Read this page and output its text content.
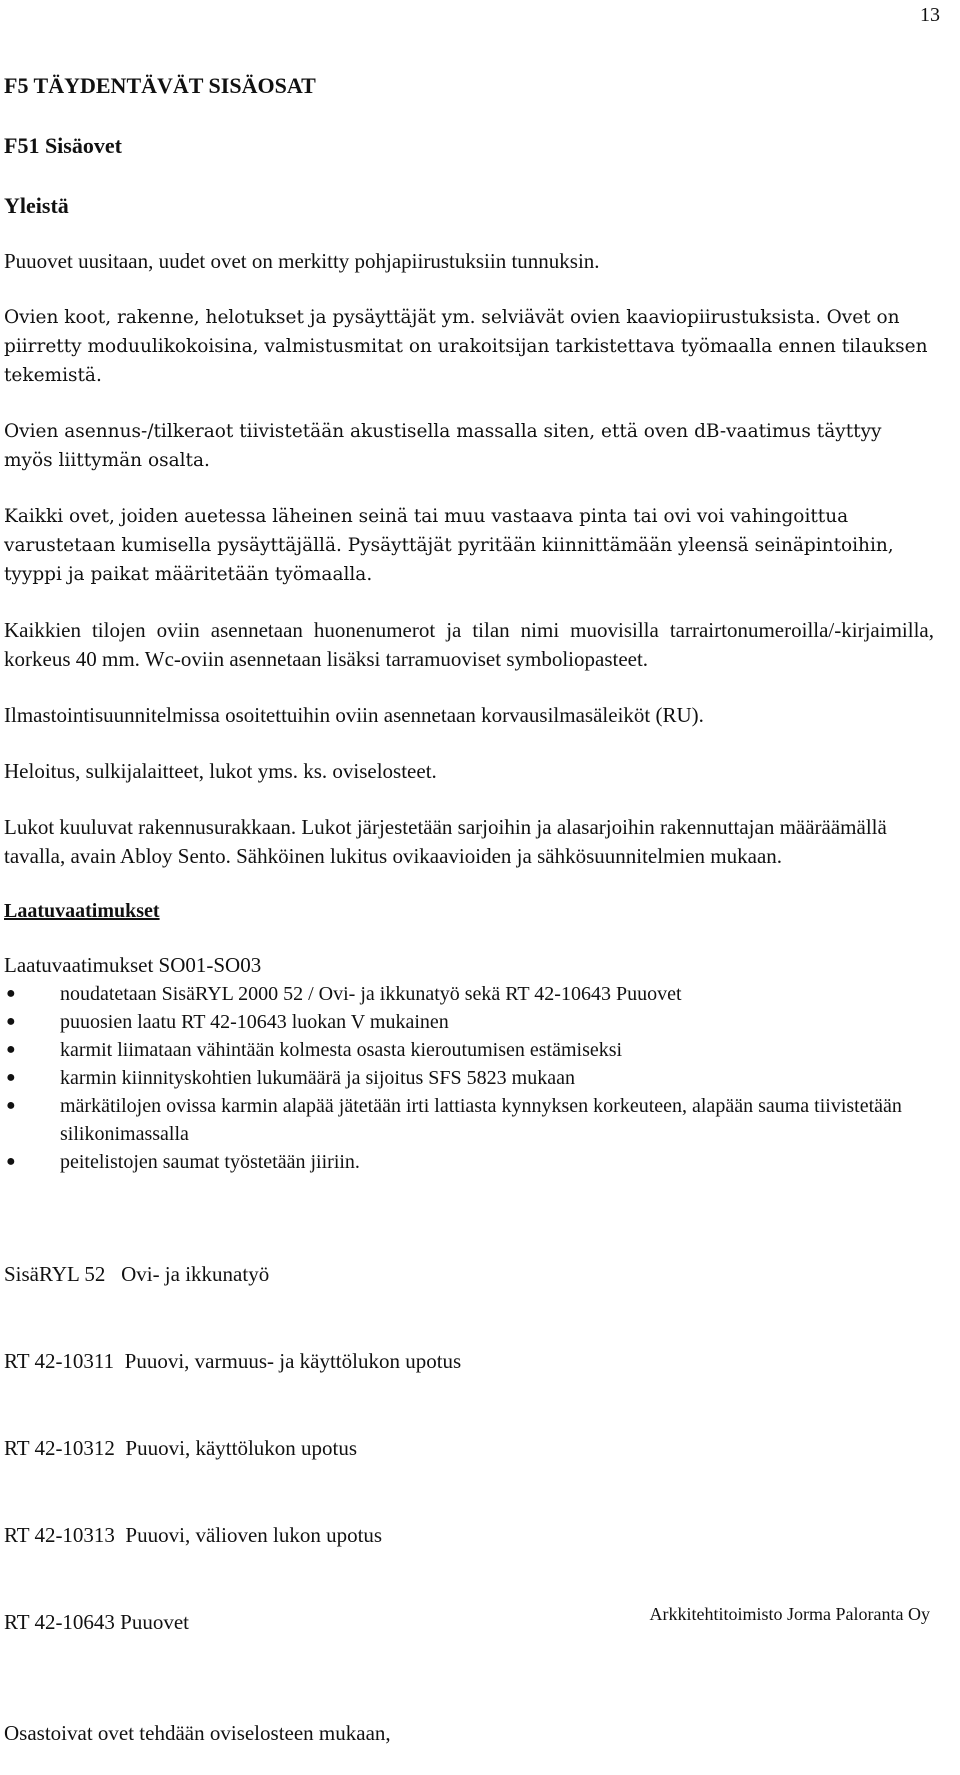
13
F5 TÄYDENTÄVÄT SISÄOSAT
F51 Sisäovet
Yleistä

Puuovet uusitaan, uudet ovet on merkitty pohjapiirustuksiin tunnuksin.

Ovien koot, rakenne, helotukset ja pysäyttäjät ym. selviävät ovien kaaviopiirustuksista. Ovet on piirretty moduulikokoisina, valmistusmitat on urakoitsijan tarkistettava työmaalla ennen tilauksen tekemistä.

Ovien asennus-/tilkeraot tiivistetään akustisella massalla siten, että oven dB-vaatimus täyttyy myös liittymän osalta.

Kaikki ovet, joiden auetessa läheinen seinä tai muu vastaava pinta tai ovi voi vahingoittua varustetaan kumisella pysäyttäjällä. Pysäyttäjät pyritään kiinnittämään yleensä seinäpintoihin, tyyppi ja paikat määritetään työmaalla.

Kaikkien tilojen oviin asennetaan huonenumerot ja tilan nimi muovisilla tarrairtonumeroilla/-kirjaimilla, korkeus 40 mm. Wc-oviin asennetaan lisäksi tarramuoviset symboliopasteet.

Ilmastointisuunnitelmissa osoitettuihin oviin asennetaan korvausilmasäleiköt (RU).

Heloitus, sulkijalaitteet, lukot yms. ks. oviselosteet.

Lukot kuuluvat rakennusurakkaan. Lukot järjestetään sarjoihin ja alasarjoihin rakennuttajan määräämällä tavalla, avain Abloy Sento. Sähköinen lukitus ovikaavioiden ja sähkösuunnitelmien mukaan.

Laatuvaatimukset

Laatuvaatimukset SO01-SO03

● noudatetaan SisäRYL 2000 52 / Ovi- ja ikkunatyö sekä RT 42-10643 Puuovet
● puuosien laatu RT 42-10643 luokan V mukainen
● karmit liimataan vähintään kolmesta osasta kieroutumisen estämiseksi
● karmin kiinnityskohtien lukumäärä ja sijoitus SFS 5823 mukaan
● märkätilojen ovissa karmin alapää jätetään irti lattiasta kynnyksen korkeuteen, alapään sauma tiivistetään silikonimassalla
● peitelistojen saumat työstetään jiiriin.

SisäRYL 52   Ovi- ja ikkunatyö

RT 42-10311  Puuovi, varmuus- ja käyttölukon upotus

RT 42-10312  Puuovi, käyttölukon upotus

RT 42-10313  Puuovi, välioven lukon upotus

RT 42-10643 Puuovet

Osastoivat ovet tehdään oviselosteen mukaan,

Arkkitehtitoimisto Jorma Paloranta Oy
